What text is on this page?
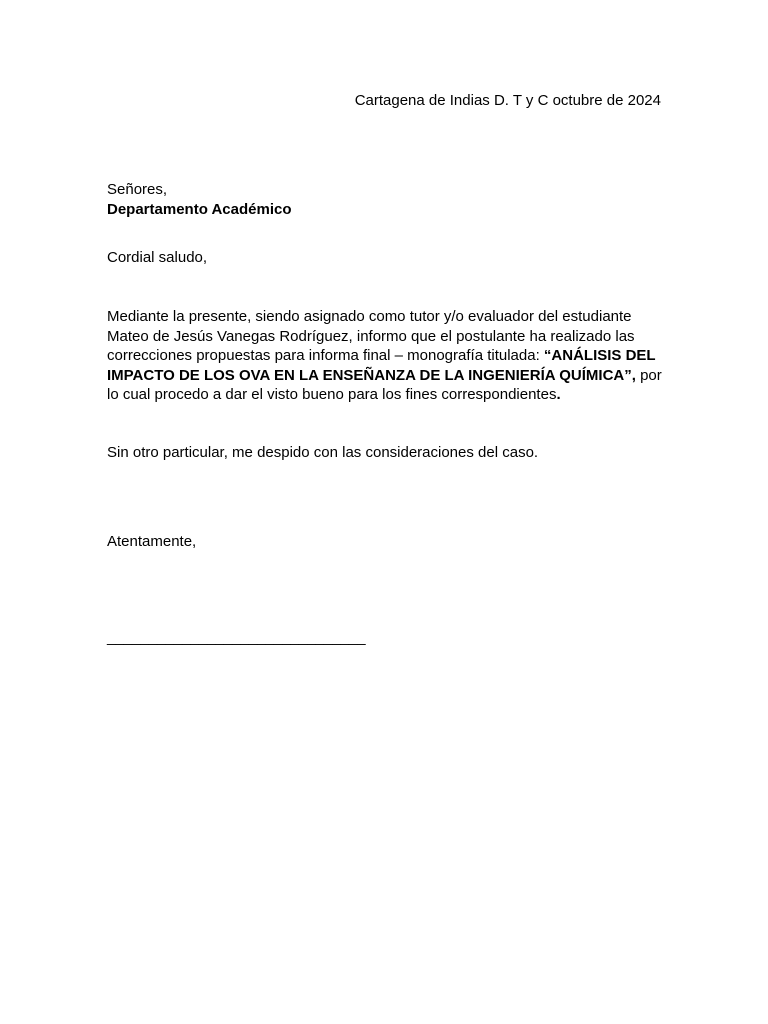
Cartagena de Indias D. T y C octubre de 2024
Señores,
Departamento Académico
Cordial saludo,
Mediante la presente, siendo asignado como tutor y/o evaluador del estudiante Mateo de Jesús Vanegas Rodríguez, informo que el postulante ha realizado las correcciones propuestas para informa final – monografía titulada: “ANÁLISIS DEL IMPACTO DE LOS OVA EN LA ENSEÑANZA DE LA INGENIERÍA QUÍMICA”, por lo cual procedo a dar el visto bueno para los fines correspondientes.
Sin otro particular, me despido con las consideraciones del caso.
Atentamente,
_______________________________
